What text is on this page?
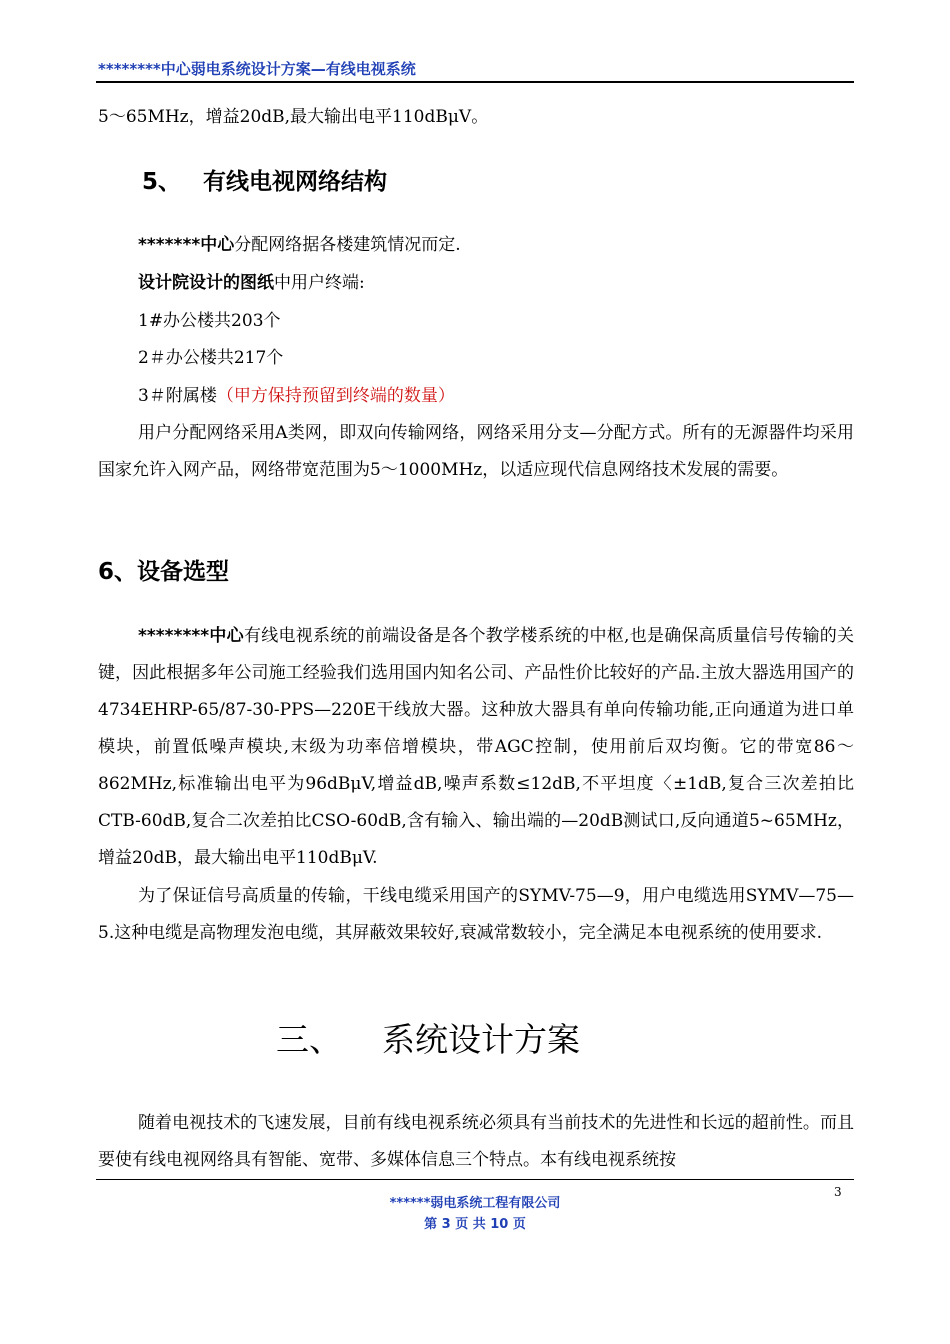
********中心弱电系统设计方案—有线电视系统
5～65MHz，增益20dB,最大输出电平110dBμV。
5、 有线电视网络结构
*******中心分配网络据各楼建筑情况而定.
设计院设计的图纸中用户终端:
1#办公楼共203个
2＃办公楼共217个
3＃附属楼（甲方保持预留到终端的数量）
用户分配网络采用A类网，即双向传输网络，网络采用分支—分配方式。所有的无源器件均采用国家允许入网产品，网络带宽范围为5～1000MHz，以适应现代信息网络技术发展的需要。
6、设备选型
********中心有线电视系统的前端设备是各个教学楼系统的中枢,也是确保高质量信号传输的关键，因此根据多年公司施工经验我们选用国内知名公司、产品性价比较好的产品.主放大器选用国产的4734EHRP-65/87-30-PPS—220E干线放大器。这种放大器具有单向传输功能,正向通道为进口单模块，前置低噪声模块,末级为功率倍增模块，带AGC控制，使用前后双均衡。它的带宽86～862MHz,标准输出电平为96dBμV,增益dB,噪声系数≤12dB,不平坦度〈±1dB,复合三次差拍比CTB-60dB,复合二次差拍比CSO-60dB,含有输入、输出端的—20dB测试口,反向通道5~65MHz，增益20dB，最大输出电平110dBμV.
为了保证信号高质量的传输，干线电缆采用国产的SYMV-75—9，用户电缆选用SYMV—75—5.这种电缆是高物理发泡电缆，其屏蔽效果较好,衰减常数较小，完全满足本电视系统的使用要求.
三、 系统设计方案
随着电视技术的飞速发展，目前有线电视系统必须具有当前技术的先进性和长远的超前性。而且要使有线电视网络具有智能、宽带、多媒体信息三个特点。本有线电视系统按
3
******弱电系统工程有限公司
第 3 页 共 10 页
